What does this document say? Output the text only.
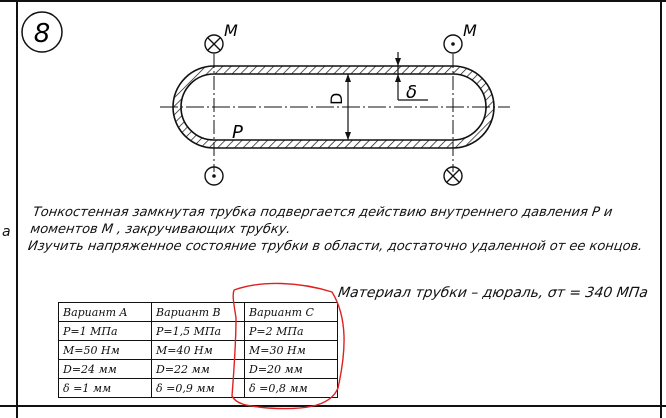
а
8
D	δ
P
M	M
Тонкостенная замкнутая трубка подвергается действию внутреннего давления P и
моментов M , закручивающих трубку.
Изучить напряженное состояние трубки в области, достаточно удаленной от ее концов.
Материал трубки – дюраль, σт = 340 МПа
Вариант A	Вариант B	Вариант C
P=1 МПа	P=1,5 МПа	P=2 МПа
M=50 Нм	M=40 Нм	M=30 Нм
D=24 мм	D=22 мм	D=20 мм
δ =1 мм	δ =0,9 мм	δ =0,8 мм
